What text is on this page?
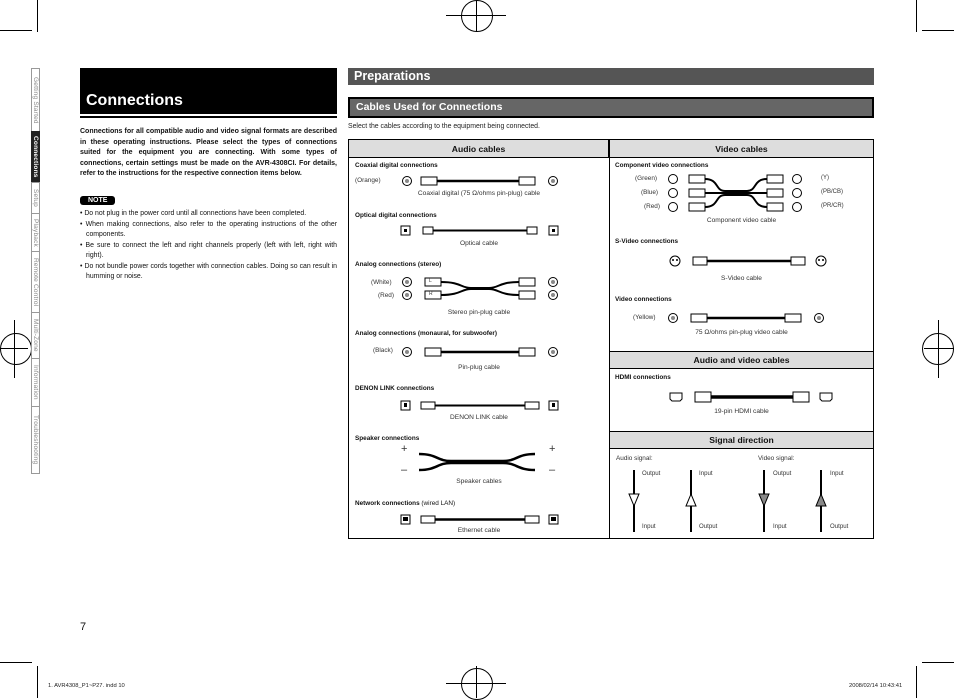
Getting Started
Connections
Setup
Playback
Remote Control
Multi-Zone
Information
Troubleshooting
Connections
Connections for all compatible audio and video signal formats are described in these operating instructions. Please select the types of connections suited for the equipment you are connecting. With some types of connections, certain settings must be made on the AVR-4308CI. For details, refer to the instructions for the respective connection items below.
NOTE
• Do not plug in the power cord until all connections have been completed.
• When making connections, also refer to the operating instructions of the other components.
• Be sure to connect the left and right channels properly (left with left, right with right).
• Do not bundle power cords together with connection cables. Doing so can result in humming or noise.
Preparations
Cables Used for Connections
Select the cables according to the equipment being connected.
Audio cables	Video cables
Audio and video cables
Signal direction
Coaxial digital connections
(Orange)
Coaxial digital (75 Ω/ohms pin-plug) cable
Optical digital connections
Optical cable
Analog connections (stereo)
(White)
(Red)
L
R
Stereo pin-plug cable
Analog connections (monaural, for subwoofer)
(Black)
Pin-plug cable
DENON LINK connections
DENON LINK cable
Speaker connections
+
–
+
–
Speaker cables
Network connections (wired LAN)
Ethernet cable
Component video connections
(Green)
(Blue)
(Red)
(Y)
(PB/CB)
(PR/CR)
Component video cable
S-Video connections
S-Video cable
Video connections
(Yellow)
75 Ω/ohms pin-plug video cable
HDMI connections
19-pin HDMI cable
Audio signal:	Video signal:
Output
Input
Input
Output
Output
Input
Input
Output
7
1. AVR4308_P1~P27. indd 10	2008/02/14 10:43:41
